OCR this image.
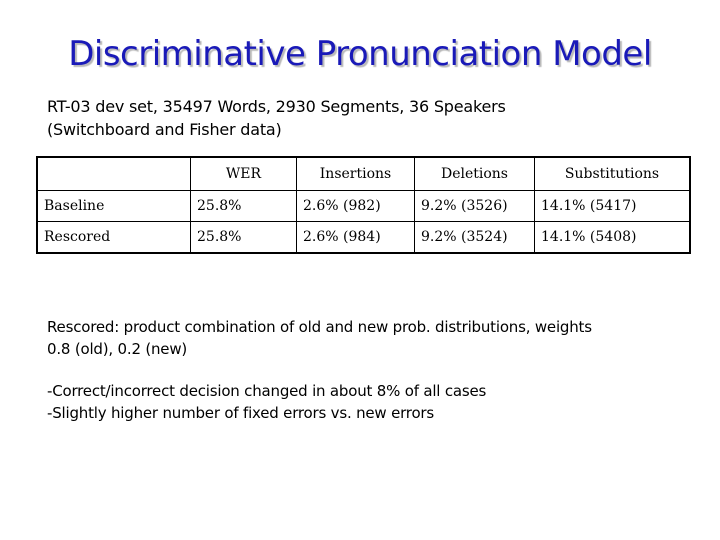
Discriminative Pronunciation Model
RT-03 dev set, 35497 Words, 2930 Segments, 36 Speakers
(Switchboard and Fisher data)
	WER	Insertions	Deletions	Substitutions
Baseline	25.8%	2.6% (982)	9.2% (3526)	14.1% (5417)
Rescored	25.8%	2.6% (984)	9.2% (3524)	14.1% (5408)
Rescored: product combination of old and new prob. distributions, weights
0.8 (old), 0.2 (new)
-Correct/incorrect decision changed in about 8% of all cases
-Slightly higher number of fixed errors vs. new errors
